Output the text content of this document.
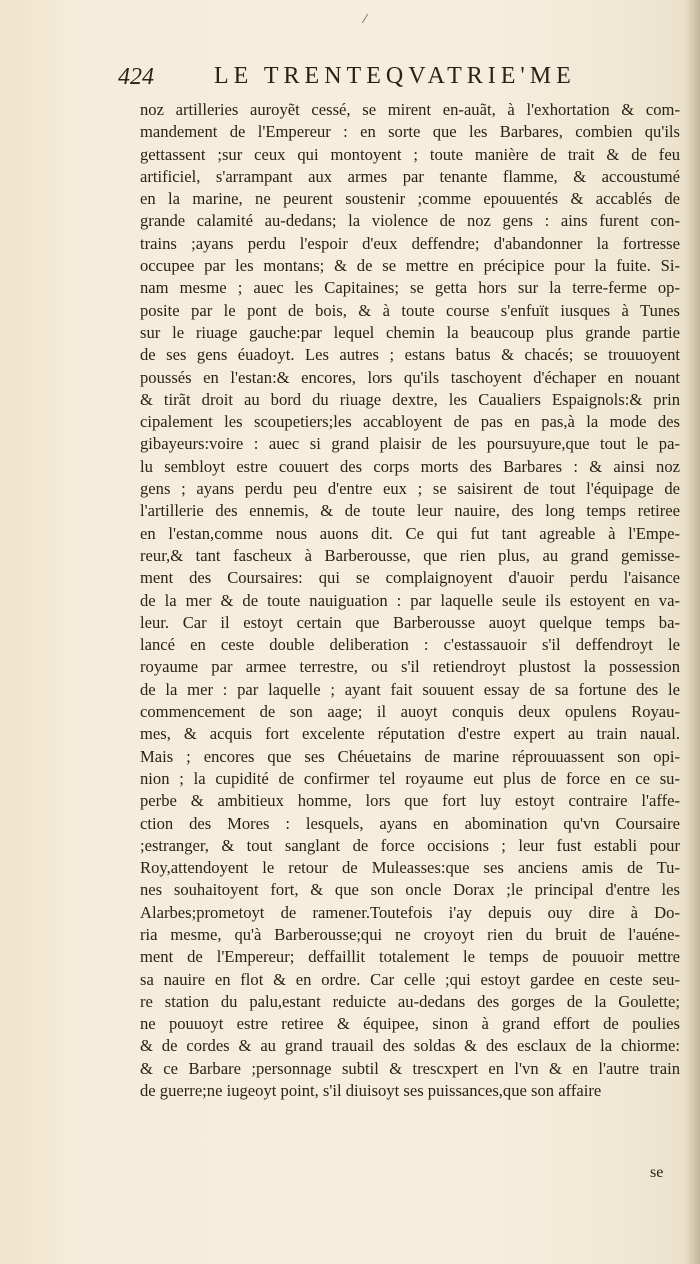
⁄
424	LE TRENTEQVATRIE'ME
noz artilleries auroyẽt cessé, se mirent en-auãt, à l'exhortation & com-
mandement de l'Empereur : en sorte que les Barbares, combien qu'ils
gettassent ;sur ceux qui montoyent ; toute manière de trait & de feu
artificiel, s'arrampant aux armes par tenante flamme, & accoustumé
en la marine, ne peurent soustenir ;comme epouuentés & accablés de
grande calamité au-dedans; la violence de noz gens : ains furent con-
trains ;ayans perdu l'espoir d'eux deffendre; d'abandonner la fortresse
occupee par les montans; & de se mettre en précipice pour la fuite. Si-
nam mesme ; auec les Capitaines; se getta hors sur la terre-ferme op-
posite par le pont de bois, & à toute course s'enfuït iusques à Tunes
sur le riuage gauche:par lequel chemin la beaucoup plus grande partie
de ses gens éuadoyt. Les autres ; estans batus & chacés; se trouuoyent
poussés en l'estan:& encores, lors qu'ils taschoyent d'échaper en nouant
& tirãt droit au bord du riuage dextre, les Caualiers Espaignols:& prin
cipalement les scoupetiers;les accabloyent de pas en pas,à la mode des
gibayeurs:voire : auec si grand plaisir de les poursuyure,que tout le pa-
lu sembloyt estre couuert des corps morts des Barbares : & ainsi noz
gens ; ayans perdu peu d'entre eux ; se saisirent de tout l'équipage de
l'artillerie des ennemis, & de toute leur nauire, des long temps retiree
en l'estan,comme nous auons dit. Ce qui fut tant agreable à l'Empe-
reur,& tant fascheux à Barberousse, que rien plus, au grand gemisse-
ment des Coursaires: qui se complaignoyent d'auoir perdu l'aisance
de la mer & de toute nauiguation : par laquelle seule ils estoyent en va-
leur. Car il estoyt certain que Barberousse auoyt quelque temps ba-
lancé en ceste double deliberation : c'estassauoir s'il deffendroyt le
royaume par armee terrestre, ou s'il retiendroyt plustost la possession
de la mer : par laquelle ; ayant fait souuent essay de sa fortune des le
commencement de son aage; il auoyt conquis deux opulens Royau-
mes, & acquis fort excelente réputation d'estre expert au train naual.
Mais ; encores que ses Chéuetains de marine réprouuassent son opi-
nion ; la cupidité de confirmer tel royaume eut plus de force en ce su-
perbe & ambitieux homme, lors que fort luy estoyt contraire l'affe-
ction des Mores : lesquels, ayans en abomination qu'vn Coursaire
;estranger, & tout sanglant de force occisions ; leur fust establi pour
Roy,attendoyent le retour de Muleasses:que ses anciens amis de Tu-
nes souhaitoyent fort, & que son oncle Dorax ;le principal d'entre les
Alarbes;prometoyt de ramener.Toutefois i'ay depuis ouy dire à Do-
ria mesme, qu'à Barberousse;qui ne croyoyt rien du bruit de l'auéne-
ment de l'Empereur; deffaillit totalement le temps de pouuoir mettre
sa nauire en flot & en ordre. Car celle ;qui estoyt gardee en ceste seu-
re station du palu,estant reduicte au-dedans des gorges de la Goulette;
ne pouuoyt estre retiree & équipee, sinon à grand effort de poulies
& de cordes & au grand trauail des soldas & des esclaux de la chiorme:
& ce Barbare ;personnage subtil & trescxpert en l'vn & en l'autre train
de guerre;ne iugeoyt point, s'il diuisoyt ses puissances,que son affaire
se
